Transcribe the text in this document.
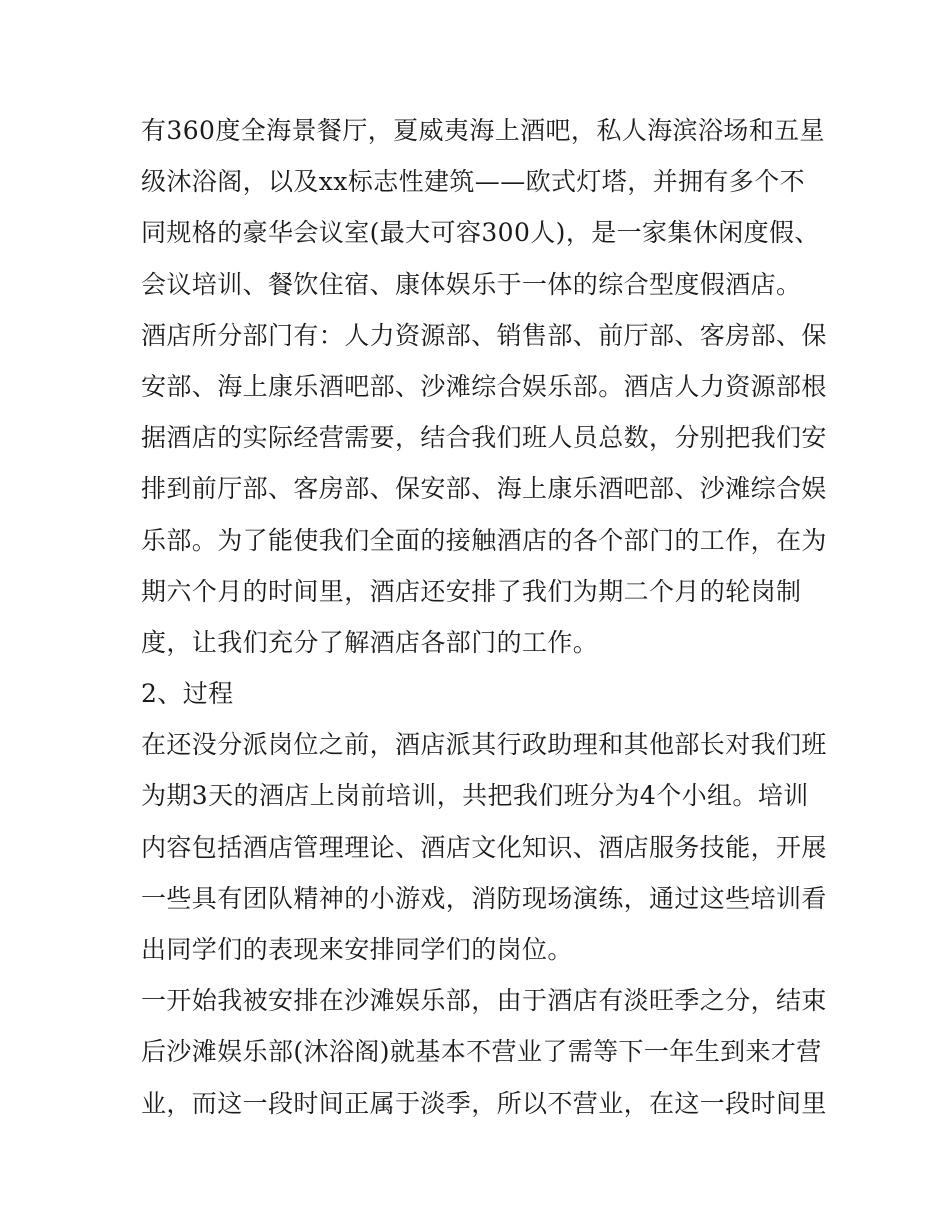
有360度全海景餐厅，夏威夷海上酒吧，私人海滨浴场和五星
级沐浴阁，以及xx标志性建筑——欧式灯塔，并拥有多个不
同规格的豪华会议室(最大可容300人)，是一家集休闲度假、
会议培训、餐饮住宿、康体娱乐于一体的综合型度假酒店。
酒店所分部门有：人力资源部、销售部、前厅部、客房部、保
安部、海上康乐酒吧部、沙滩综合娱乐部。酒店人力资源部根
据酒店的实际经营需要，结合我们班人员总数，分别把我们安
排到前厅部、客房部、保安部、海上康乐酒吧部、沙滩综合娱
乐部。为了能使我们全面的接触酒店的各个部门的工作，在为
期六个月的时间里，酒店还安排了我们为期二个月的轮岗制
度，让我们充分了解酒店各部门的工作。
2、过程
在还没分派岗位之前，酒店派其行政助理和其他部长对我们班
为期3天的酒店上岗前培训，共把我们班分为4个小组。培训
内容包括酒店管理理论、酒店文化知识、酒店服务技能，开展
一些具有团队精神的小游戏，消防现场演练，通过这些培训看
出同学们的表现来安排同学们的岗位。
一开始我被安排在沙滩娱乐部，由于酒店有淡旺季之分，结束
后沙滩娱乐部(沐浴阁)就基本不营业了需等下一年生到来才营
业，而这一段时间正属于淡季，所以不营业，在这一段时间里
